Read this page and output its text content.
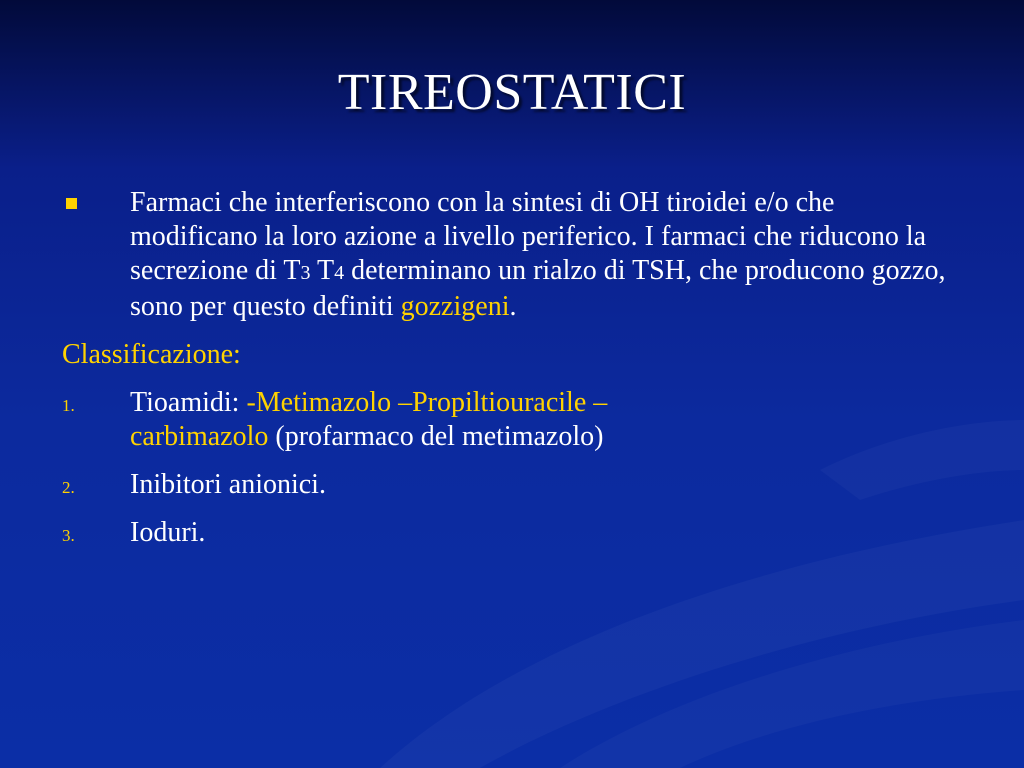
TIREOSTATICI
Farmaci che interferiscono con la sintesi di OH tiroidei e/o che modificano la loro azione a livello periferico. I farmaci che riducono la secrezione di T3 T4 determinano un rialzo di TSH, che producono gozzo, sono per questo definiti gozzigeni.
Classificazione:
1. Tioamidi: -Metimazolo –Propiltiouracile –
carbimazolo (profarmaco del metimazolo)
2. Inibitori anionici.
3. Ioduri.
